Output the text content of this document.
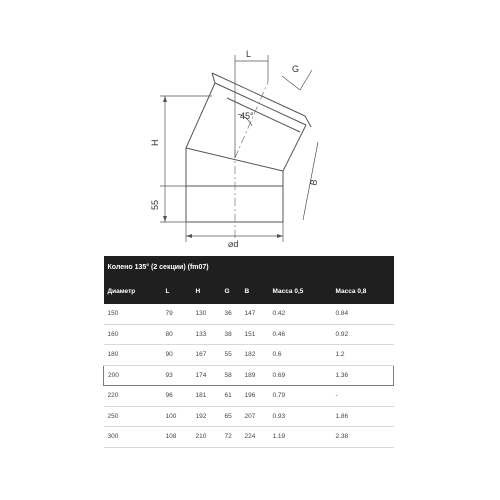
L
G
H
55
B
45°
⌀d
Колено 135° (2 секции) (fm07)						
Диаметр	L	H	G	B	Масса 0,5	Масса 0,8
150	79	130	36	147	0.42	0.84
160	80	133	38	151	0.46	0.92
180	90	167	55	182	0.6	1.2
200	93	174	58	189	0.69	1.36
220	96	181	61	196	0.79	-
250	100	192	65	207	0.93	1.86
300	108	210	72	224	1.19	2.38
